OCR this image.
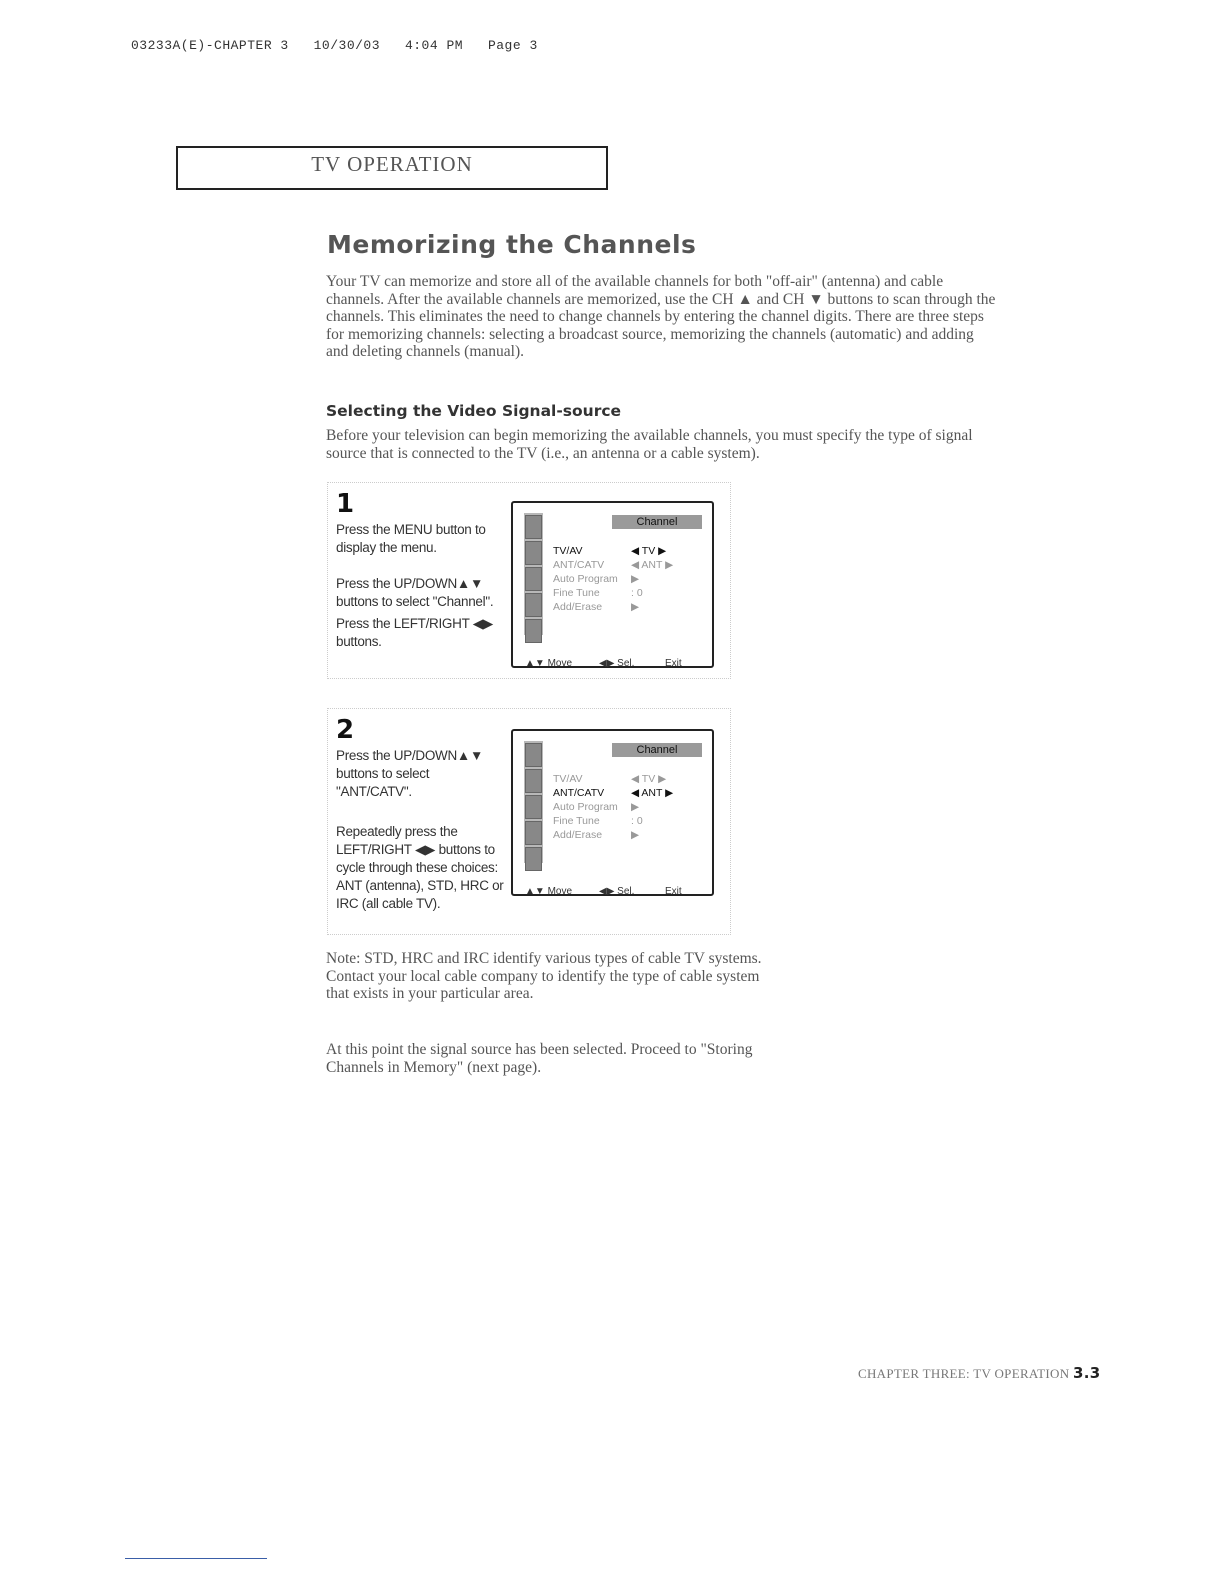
03233A(E)-CHAPTER 3   10/30/03   4:04 PM   Page 3
TV OPERATION
Memorizing the Channels
Your TV can memorize and store all of the available channels for both "off-air" (antenna) and cable channels. After the available channels are memorized, use the CH ▲ and CH ▼ buttons to scan through the channels. This eliminates the need to change channels by entering the channel digits. There are three steps for memorizing channels: selecting a broadcast source, memorizing the channels (automatic) and adding and deleting channels (manual).
Selecting the Video Signal-source
Before your television can begin memorizing the available channels, you must specify the type of signal source that is connected to the TV (i.e., an antenna or a cable system).
1
Press the MENU button to display the menu.
Press the UP/DOWN▲▼ buttons to select "Channel".
Press the LEFT/RIGHT ◀▶ buttons.
Channel
TV/AV	◀ TV ▶
ANT/CATV	◀ ANT ▶
Auto Program ▶
Fine Tune	: 0
Add/Erase	▶
▲▼ Move	◀▶ Sel.	Exit
2
Press the UP/DOWN▲▼ buttons to select "ANT/CATV".
Repeatedly press the LEFT/RIGHT ◀▶ buttons to cycle through these choices: ANT (antenna), STD, HRC or IRC (all cable TV).
Channel
TV/AV	◀ TV ▶
ANT/CATV	◀ ANT ▶
Auto Program ▶
Fine Tune	: 0
Add/Erase	▶
▲▼ Move	◀▶ Sel.	Exit
Note: STD, HRC and IRC identify various types of cable TV systems. Contact your local cable company to identify the type of cable system that exists in your particular area.
At this point the signal source has been selected. Proceed to "Storing Channels in Memory" (next page).
CHAPTER THREE: TV OPERATION 3.3
